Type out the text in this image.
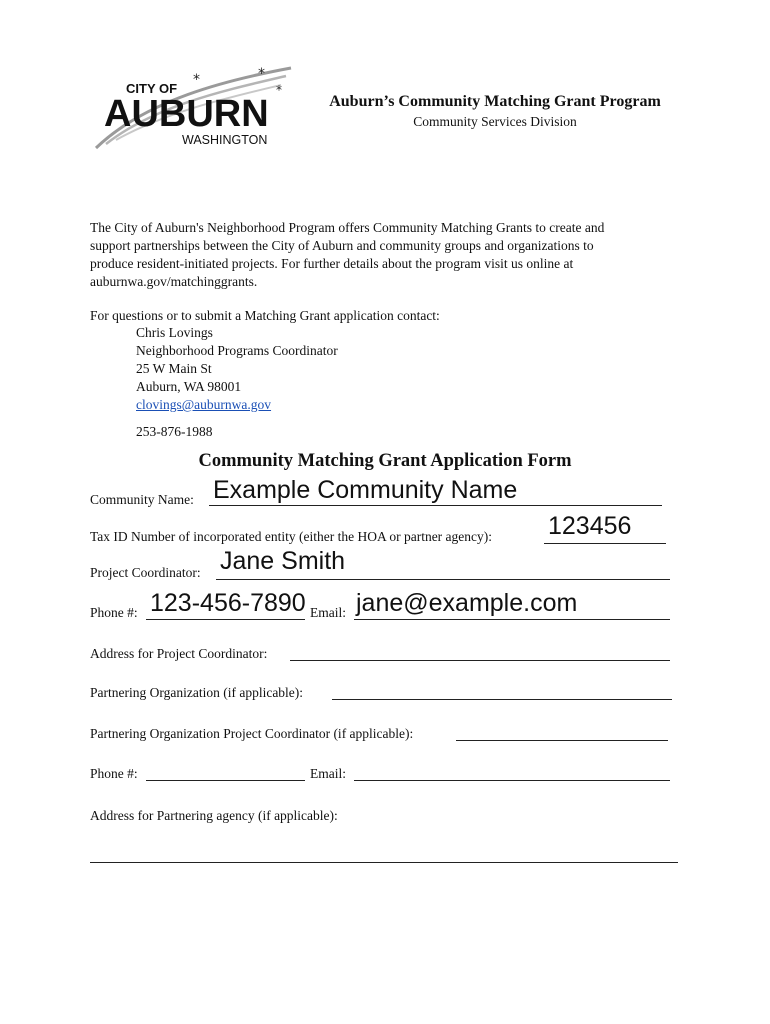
*	*
*
CITY OF
AUBURN
WASHINGTON
Auburn’s Community Matching Grant Program
Community Services Division
The City of Auburn's Neighborhood Program offers Community Matching Grants to create and
support partnerships between the City of Auburn and community groups and organizations to
produce resident-initiated projects. For further details about the program visit us online at
auburnwa.gov/matchinggrants.
For questions or to submit a Matching Grant application contact:
Chris Lovings
Neighborhood Programs Coordinator
25 W Main St
Auburn, WA 98001
clovings@auburnwa.gov
253-876-1988
Community Matching Grant Application Form
Community Name: Example Community Name
Tax ID Number of incorporated entity (either the HOA or partner agency): 123456
Project Coordinator: Jane Smith
Phone #: 123-456-7890 Email: jane@example.com
Address for Project Coordinator:
Partnering Organization (if applicable):
Partnering Organization Project Coordinator (if applicable):
Phone #:	Email:
Address for Partnering agency (if applicable):
